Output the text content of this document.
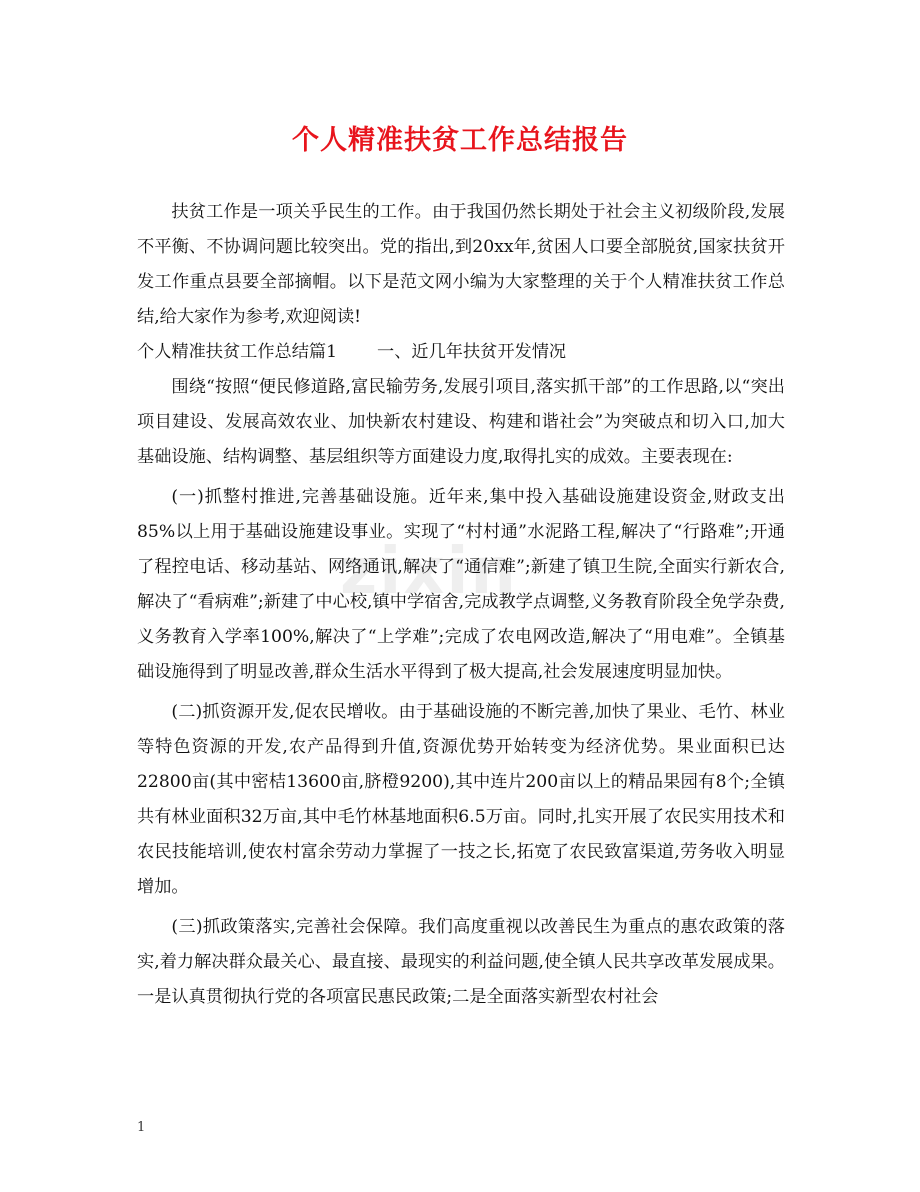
个人精准扶贫工作总结报告

扶贫工作是一项关乎民生的工作。由于我国仍然长期处于社会主义初级阶段,发展不平衡、不协调问题比较突出。党的指出,到20xx年,贫困人口要全部脱贫,国家扶贫开发工作重点县要全部摘帽。以下是范文网小编为大家整理的关于个人精准扶贫工作总结,给大家作为参考,欢迎阅读!

个人精准扶贫工作总结篇1 一、近几年扶贫开发情况

围绕“按照“便民修道路,富民输劳务,发展引项目,落实抓干部”的工作思路,以“突出项目建设、发展高效农业、加快新农村建设、构建和谐社会”为突破点和切入口,加大基础设施、结构调整、基层组织等方面建设力度,取得扎实的成效。主要表现在:

(一)抓整村推进,完善基础设施。近年来,集中投入基础设施建设资金,财政支出85%以上用于基础设施建设事业。实现了“村村通”水泥路工程,解决了“行路难”;开通了程控电话、移动基站、网络通讯,解决了“通信难”;新建了镇卫生院,全面实行新农合,解决了“看病难”;新建了中心校,镇中学宿舍,完成教学点调整,义务教育阶段全免学杂费,义务教育入学率100%,解决了“上学难”;完成了农电网改造,解决了“用电难”。全镇基础设施得到了明显改善,群众生活水平得到了极大提高,社会发展速度明显加快。

(二)抓资源开发,促农民增收。由于基础设施的不断完善,加快了果业、毛竹、林业等特色资源的开发,农产品得到升值,资源优势开始转变为经济优势。果业面积已达22800亩(其中密桔13600亩,脐橙9200),其中连片200亩以上的精品果园有8个;全镇共有林业面积32万亩,其中毛竹林基地面积6.5万亩。同时,扎实开展了农民实用技术和农民技能培训,使农村富余劳动力掌握了一技之长,拓宽了农民致富渠道,劳务收入明显增加。

(三)抓政策落实,完善社会保障。我们高度重视以改善民生为重点的惠农政策的落实,着力解决群众最关心、最直接、最现实的利益问题,使全镇人民共享改革发展成果。一是认真贯彻执行党的各项富民惠民政策;二是全面落实新型农村社会

zixin
1
